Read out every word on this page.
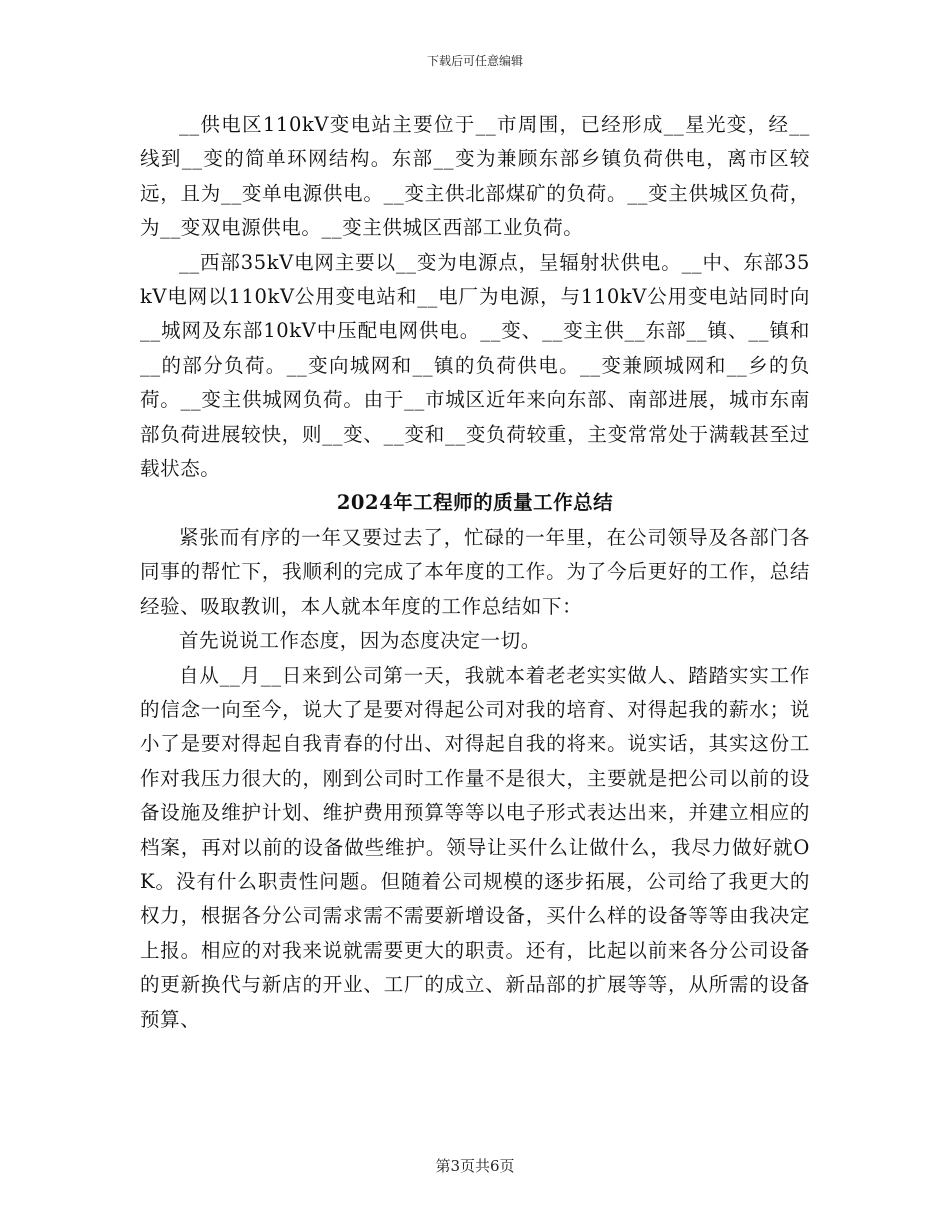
下载后可任意编辑

__供电区110kV变电站主要位于__市周围，已经形成__星光变，经__线到__变的简单环网结构。东部__变为兼顾东部乡镇负荷供电，离市区较远，且为__变单电源供电。__变主供北部煤矿的负荷。__变主供城区负荷，为__变双电源供电。__变主供城区西部工业负荷。

__西部35kV电网主要以__变为电源点，呈辐射状供电。__中、东部35kV电网以110kV公用变电站和__电厂为电源，与110kV公用变电站同时向__城网及东部10kV中压配电网供电。__变、__变主供__东部__镇、__镇和__的部分负荷。__变向城网和__镇的负荷供电。__变兼顾城网和__乡的负荷。__变主供城网负荷。由于__市城区近年来向东部、南部进展，城市东南部负荷进展较快，则__变、__变和__变负荷较重，主变常常处于满载甚至过载状态。

2024年工程师的质量工作总结

紧张而有序的一年又要过去了，忙碌的一年里，在公司领导及各部门各同事的帮忙下，我顺利的完成了本年度的工作。为了今后更好的工作，总结经验、吸取教训，本人就本年度的工作总结如下：

首先说说工作态度，因为态度决定一切。

自从__月__日来到公司第一天，我就本着老老实实做人、踏踏实实工作的信念一向至今，说大了是要对得起公司对我的培育、对得起我的薪水；说小了是要对得起自我青春的付出、对得起自我的将来。说实话，其实这份工作对我压力很大的，刚到公司时工作量不是很大，主要就是把公司以前的设备设施及维护计划、维护费用预算等等以电子形式表达出来，并建立相应的档案，再对以前的设备做些维护。领导让买什么让做什么，我尽力做好就OK。没有什么职责性问题。但随着公司规模的逐步拓展，公司给了我更大的权力，根据各分公司需求需不需要新增设备，买什么样的设备等等由我决定上报。相应的对我来说就需要更大的职责。还有，比起以前来各分公司设备的更新换代与新店的开业、工厂的成立、新品部的扩展等等，从所需的设备预算、

第3页共6页
